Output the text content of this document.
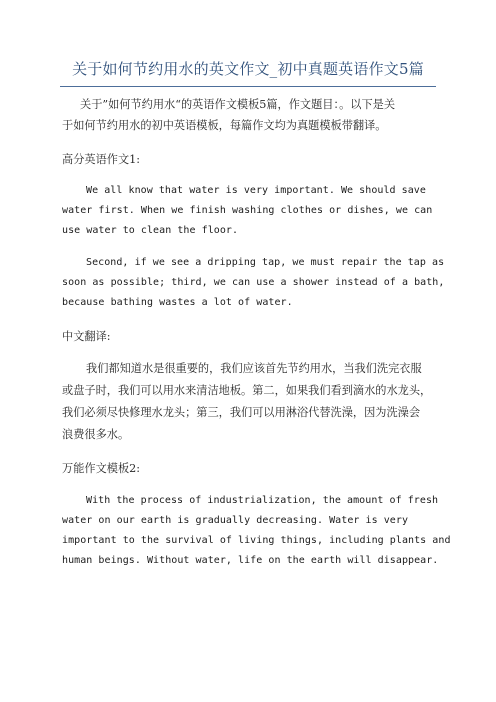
关于如何节约用水的英文作文_初中真题英语作文5篇
关于”如何节约用水“的英语作文模板5篇，作文题目：。以下是关
于如何节约用水的初中英语模板，每篇作文均为真题模板带翻译。
高分英语作文1:
We all know that water is very important. We should save
water first. When we finish washing clothes or dishes, we can
use water to clean the floor.
Second, if we see a dripping tap, we must repair the tap as
soon as possible; third, we can use a shower instead of a bath,
because bathing wastes a lot of water.
中文翻译:
我们都知道水是很重要的，我们应该首先节约用水，当我们洗完衣服
或盘子时，我们可以用水来清洁地板。第二，如果我们看到滴水的水龙头，
我们必须尽快修理水龙头；第三，我们可以用淋浴代替洗澡，因为洗澡会
浪费很多水。
万能作文模板2:
With the process of industrialization, the amount of fresh
water on our earth is gradually decreasing. Water is very
important to the survival of living things, including plants and
human beings. Without water, life on the earth will disappear.
